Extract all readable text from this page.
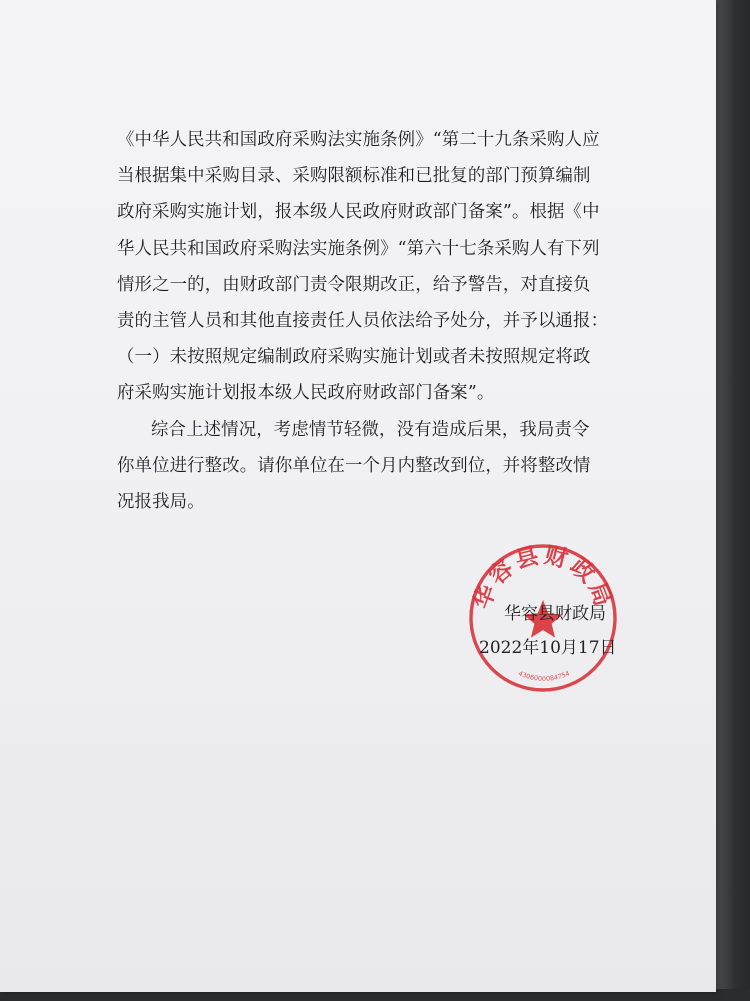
《中华人民共和国政府采购法实施条例》“第二十九条采购人应
当根据集中采购目录、采购限额标准和已批复的部门预算编制
政府采购实施计划，报本级人民政府财政部门备案”。根据《中
华人民共和国政府采购法实施条例》“第六十七条采购人有下列
情形之一的，由财政部门责令限期改正，给予警告，对直接负
责的主管人员和其他直接责任人员依法给予处分，并予以通报：
（一）未按照规定编制政府采购实施计划或者未按照规定将政
府采购实施计划报本级人民政府财政部门备案”。
综合上述情况，考虑情节轻微，没有造成后果，我局责令
你单位进行整改。请你单位在一个月内整改到位，并将整改情
况报我局。
华容县财政局
4306000084754
华容县财政局
2022年10月17日
